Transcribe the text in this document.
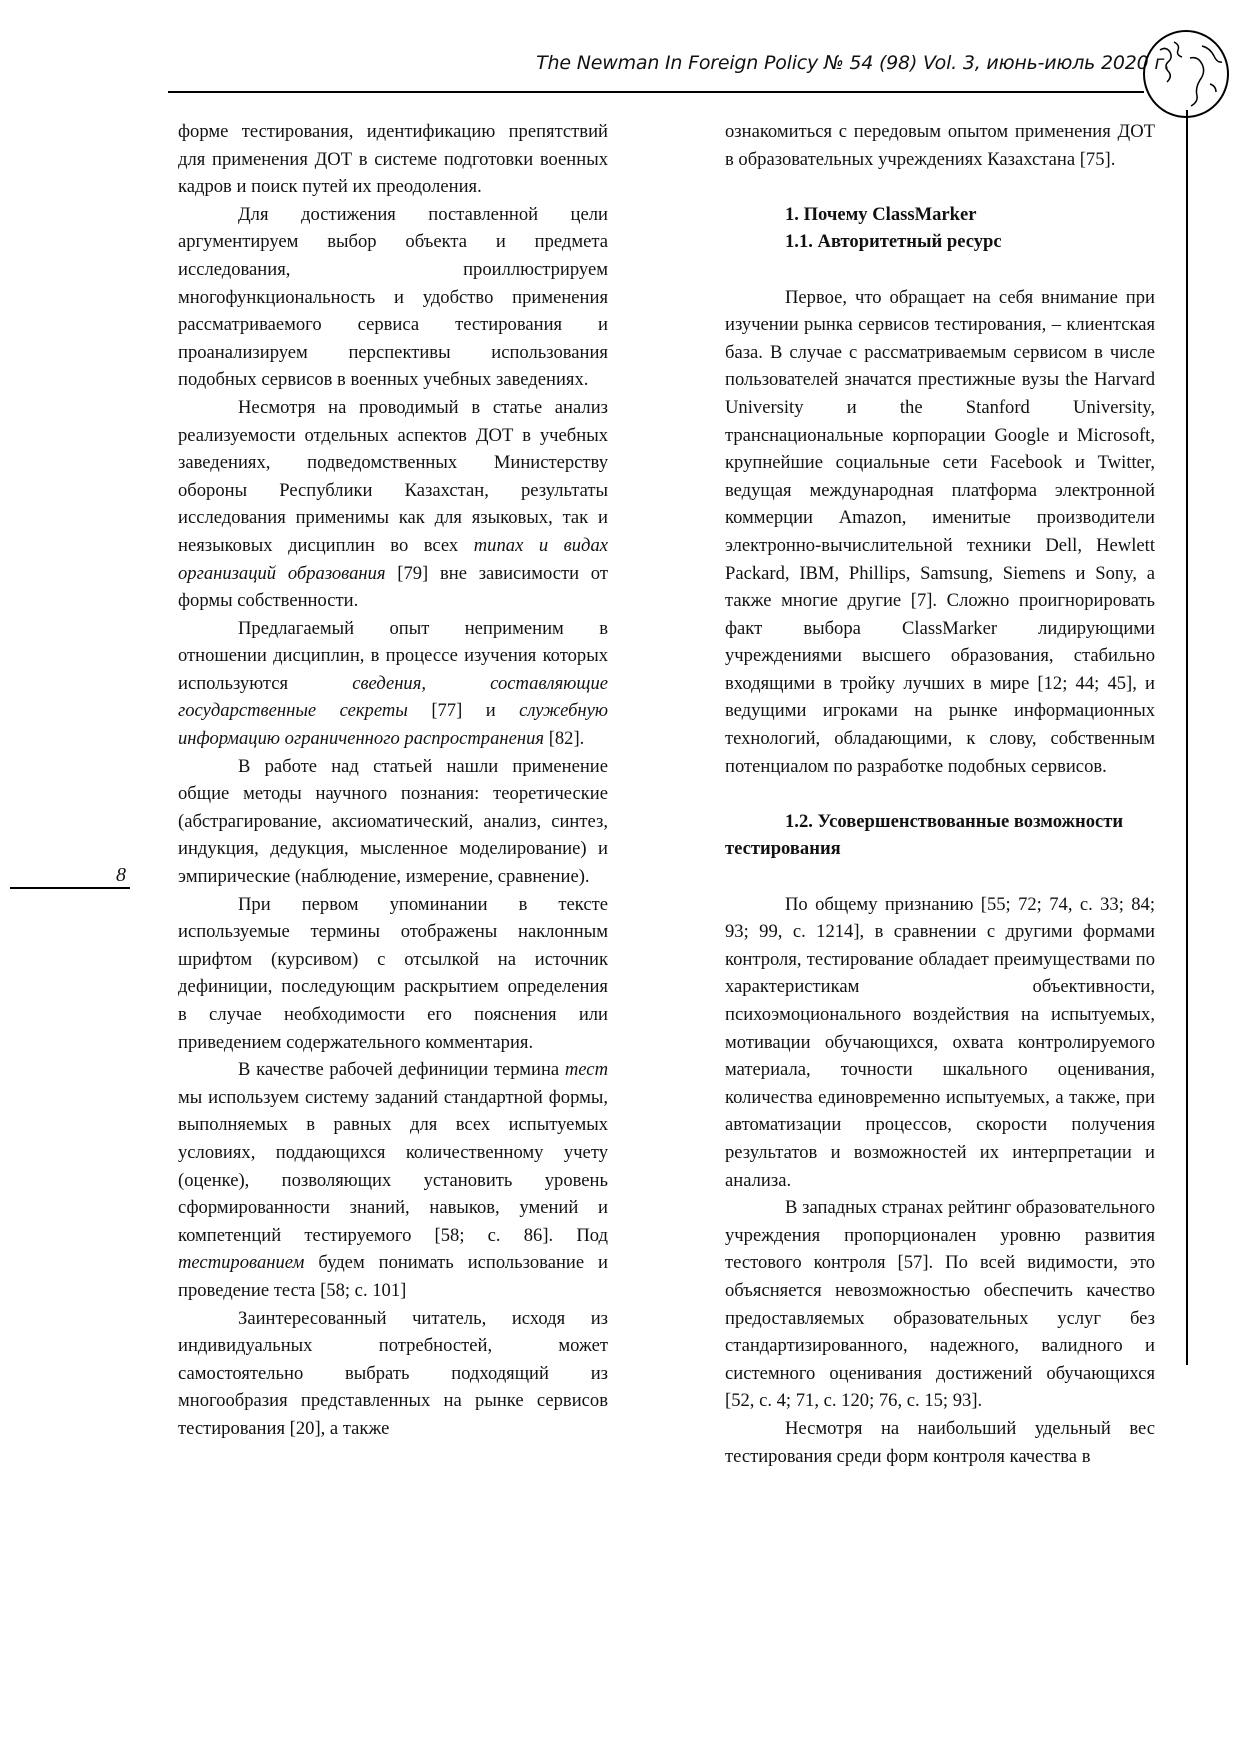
The Newman In Foreign Policy № 54 (98) Vol. 3, июнь-июль 2020 г.
8

форме тестирования, идентификацию препятствий для применения ДОТ в системе подготовки военных кадров и поиск путей их преодоления.

Для достижения поставленной цели аргументируем выбор объекта и предмета исследования, проиллюстрируем многофункциональность и удобство применения рассматриваемого сервиса тестирования и проанализируем перспективы использования подобных сервисов в военных учебных заведениях.

Несмотря на проводимый в статье анализ реализуемости отдельных аспектов ДОТ в учебных заведениях, подведомственных Министерству обороны Республики Казахстан, результаты исследования применимы как для языковых, так и неязыковых дисциплин во всех типах и видах организаций образования [79] вне зависимости от формы собственности.

Предлагаемый опыт неприменим в отношении дисциплин, в процессе изучения которых используются сведения, составляющие государственные секреты [77] и служебную информацию ограниченного распространения [82].

В работе над статьей нашли применение общие методы научного познания: теоретические (абстрагирование, аксиоматический, анализ, синтез, индукция, дедукция, мысленное моделирование) и эмпирические (наблюдение, измерение, сравнение).

При первом упоминании в тексте используемые термины отображены наклонным шрифтом (курсивом) с отсылкой на источник дефиниции, последующим раскрытием определения в случае необходимости его пояснения или приведением содержательного комментария.

В качестве рабочей дефиниции термина тест мы используем систему заданий стандартной формы, выполняемых в равных для всех испытуемых условиях, поддающихся количественному учету (оценке), позволяющих установить уровень сформированности знаний, навыков, умений и компетенций тестируемого [58; с. 86]. Под тестированием будем понимать использование и проведение теста [58; с. 101]

Заинтересованный читатель, исходя из индивидуальных потребностей, может самостоятельно выбрать подходящий из многообразия представленных на рынке сервисов тестирования [20], а также

ознакомиться с передовым опытом применения ДОТ в образовательных учреждениях Казахстана [75].

1. Почему ClassMarker
1.1. Авторитетный ресурс

Первое, что обращает на себя внимание при изучении рынка сервисов тестирования, – клиентская база. В случае с рассматриваемым сервисом в числе пользователей значатся престижные вузы the Harvard University и the Stanford University, транснациональные корпорации Google и Microsoft, крупнейшие социальные сети Facebook и Twitter, ведущая международная платформа электронной коммерции Amazon, именитые производители электронно-вычислительной техники Dell, Hewlett Packard, IBM, Phillips, Samsung, Siemens и Sony, а также многие другие [7]. Сложно проигнорировать факт выбора ClassMarker лидирующими учреждениями высшего образования, стабильно входящими в тройку лучших в мире [12; 44; 45], и ведущими игроками на рынке информационных технологий, обладающими, к слову, собственным потенциалом по разработке подобных сервисов.

1.2. Усовершенствованные возможности тестирования

По общему признанию [55; 72; 74, с. 33; 84; 93; 99, с. 1214], в сравнении с другими формами контроля, тестирование обладает преимуществами по характеристикам объективности, психоэмоционального воздействия на испытуемых, мотивации обучающихся, охвата контролируемого материала, точности шкального оценивания, количества единовременно испытуемых, а также, при автоматизации процессов, скорости получения результатов и возможностей их интерпретации и анализа.

В западных странах рейтинг образовательного учреждения пропорционален уровню развития тестового контроля [57]. По всей видимости, это объясняется невозможностью обеспечить качество предоставляемых образовательных услуг без стандартизированного, надежного, валидного и системного оценивания достижений обучающихся [52, с. 4; 71, с. 120; 76, с. 15; 93].

Несмотря на наибольший удельный вес тестирования среди форм контроля качества в
